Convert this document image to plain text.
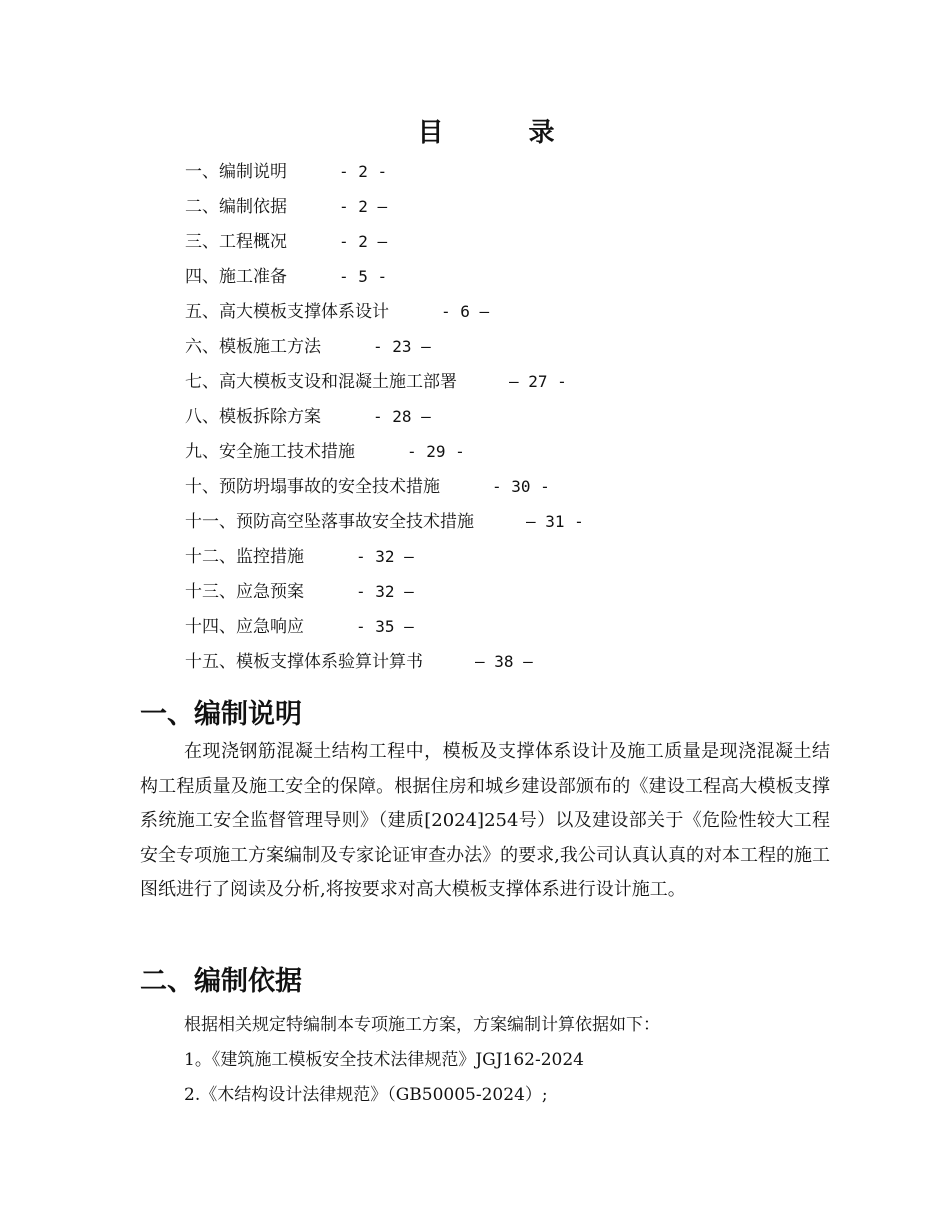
目 录
一、编制说明	- 2 -
二、编制依据	- 2 —
三、工程概况	- 2 —
四、施工准备	- 5 -
五、高大模板支撑体系设计	- 6 —
六、模板施工方法	- 23 —
七、高大模板支设和混凝土施工部署	— 27 -
八、模板拆除方案	- 28 —
九、安全施工技术措施	- 29 -
十、预防坍塌事故的安全技术措施	- 30 -
十一、预防高空坠落事故安全技术措施	— 31 -
十二、监控措施	- 32 —
十三、应急预案	- 32 —
十四、应急响应	- 35 —
十五、模板支撑体系验算计算书	— 38 —
一、编制说明

在现浇钢筋混凝土结构工程中，模板及支撑体系设计及施工质量是现浇混凝土结构工程质量及施工安全的保障。根据住房和城乡建设部颁布的《建设工程高大模板支撑系统施工安全监督管理导则》（建质[2024]254号）以及建设部关于《危险性较大工程安全专项施工方案编制及专家论证审查办法》的要求,我公司认真认真的对本工程的施工图纸进行了阅读及分析,将按要求对高大模板支撑体系进行设计施工。

二、编制依据
根据相关规定特编制本专项施工方案，方案编制计算依据如下：
1。《建筑施工模板安全技术法律规范》JGJ162-2024
2.《木结构设计法律规范》（GB50005-2024）;
